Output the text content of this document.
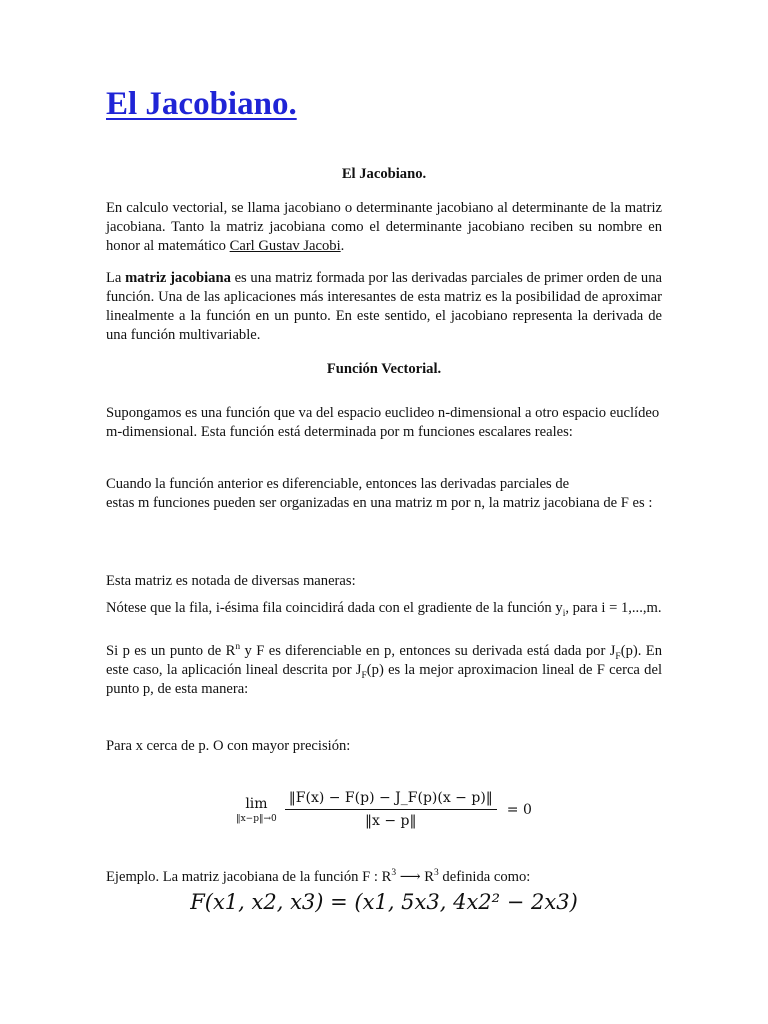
El Jacobiano.

El Jacobiano.

En calculo vectorial, se llama jacobiano o determinante jacobiano al determinante de la matriz jacobiana. Tanto la matriz jacobiana como el determinante jacobiano reciben su nombre en honor al matemático Carl Gustav Jacobi.

La matriz jacobiana es una matriz formada por las derivadas parciales de primer orden de una función. Una de las aplicaciones más interesantes de esta matriz es la posibilidad de aproximar linealmente a la función en un punto. En este sentido, el jacobiano representa la derivada de una función multivariable.

Función Vectorial.

Supongamos es una función que va del espacio euclideo n-dimensional a otro espacio euclídeo m-dimensional. Esta función está determinada por m funciones escalares reales:

Cuando la función anterior es diferenciable, entonces las derivadas parciales de
estas m funciones pueden ser organizadas en una matriz m por n, la matriz jacobiana de F es :

Esta matriz es notada de diversas maneras:

Nótese que la fila, i-ésima fila coincidirá dada con el gradiente de la función $y_i$, para i = 1,...,m.

Si p es un punto de $R^n$ y F es diferenciable en p, entonces su derivada está dada por $J_F(p)$. En este caso, la aplicación lineal descrita por $J_F(p)$ es la mejor aproximacion lineal de F cerca del punto p, de esta manera:

Para x cerca de p. O con mayor precisión:

lim
‖x−p‖→0 $\frac{‖F(x) - F(p) - J\_F(p)(x - p)‖}{‖x - p‖} = 0$

Ejemplo. La matriz jacobiana de la función F : $R^3$ ⟶ $R^3$ definida como:

F(x1, x2, x3) = (x1, 5x3, 4x2² − 2x3)
